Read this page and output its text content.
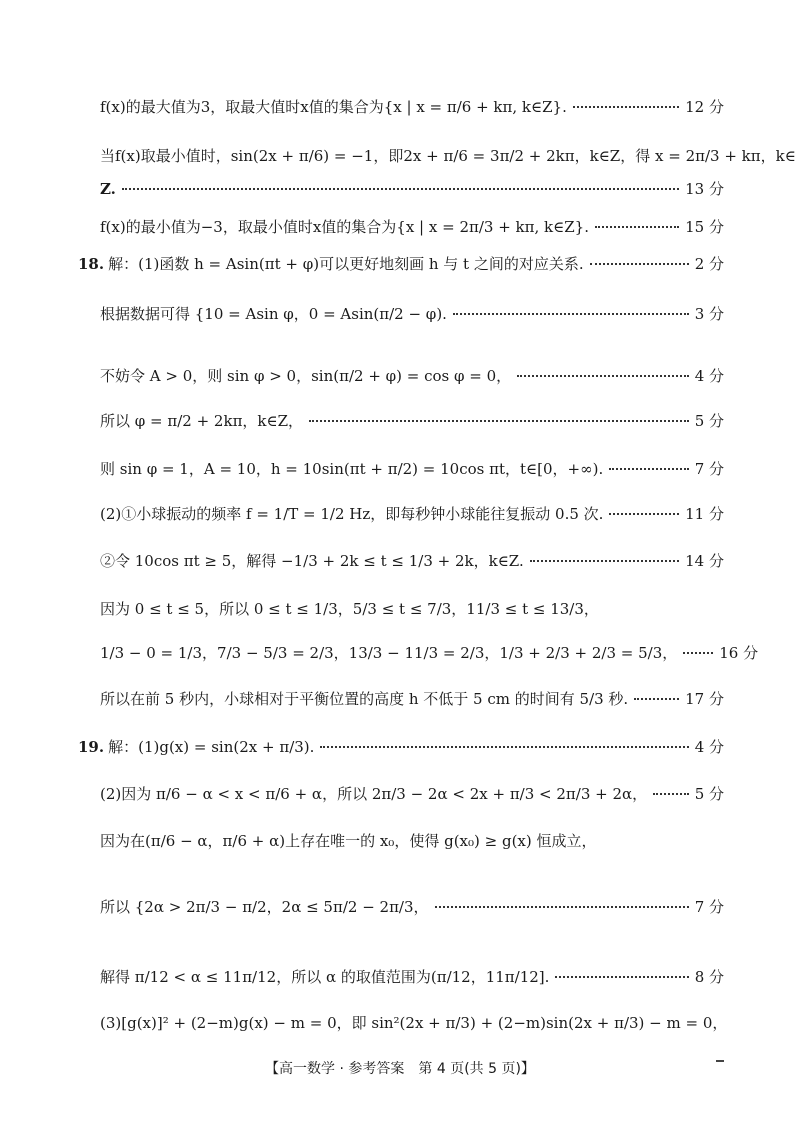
f(x)的最大值为3，取最大值时x值的集合为{x | x = π/6 + kπ, k∈Z}.	12 分
当f(x)取最小值时，sin(2x + π/6) = −1，即2x + π/6 = 3π/2 + 2kπ，k∈Z，得 x = 2π/3 + kπ，k∈
Z.	13 分
f(x)的最小值为−3，取最小值时x值的集合为{x | x = 2π/3 + kπ, k∈Z}.	15 分
18. 解：(1)函数 h = Asin(πt + φ)可以更好地刻画 h 与 t 之间的对应关系.	2 分
根据数据可得 {10 = Asin φ，0 = Asin(π/2 − φ).	3 分
不妨令 A > 0，则 sin φ > 0，sin(π/2 + φ) = cos φ = 0，	4 分
所以 φ = π/2 + 2kπ，k∈Z，	5 分
则 sin φ = 1，A = 10，h = 10sin(πt + π/2) = 10cos πt，t∈[0，+∞).	7 分
(2)①小球振动的频率 f = 1/T = 1/2 Hz，即每秒钟小球能往复振动 0.5 次.	11 分
②令 10cos πt ≥ 5，解得 −1/3 + 2k ≤ t ≤ 1/3 + 2k，k∈Z.	14 分
因为 0 ≤ t ≤ 5，所以 0 ≤ t ≤ 1/3，5/3 ≤ t ≤ 7/3，11/3 ≤ t ≤ 13/3，
1/3 − 0 = 1/3，7/3 − 5/3 = 2/3，13/3 − 11/3 = 2/3，1/3 + 2/3 + 2/3 = 5/3，	16 分
所以在前 5 秒内，小球相对于平衡位置的高度 h 不低于 5 cm 的时间有 5/3 秒.	17 分
19. 解：(1)g(x) = sin(2x + π/3).	4 分
(2)因为 π/6 − α < x < π/6 + α，所以 2π/3 − 2α < 2x + π/3 < 2π/3 + 2α，	5 分
因为在(π/6 − α，π/6 + α)上存在唯一的 x₀，使得 g(x₀) ≥ g(x) 恒成立，
所以 {2α > 2π/3 − π/2，2α ≤ 5π/2 − 2π/3，	7 分
解得 π/12 < α ≤ 11π/12，所以 α 的取值范围为(π/12，11π/12].	8 分
(3)[g(x)]² + (2−m)g(x) − m = 0，即 sin²(2x + π/3) + (2−m)sin(2x + π/3) − m = 0，
【高一数学 · 参考答案　第 4 页(共 5 页)】
